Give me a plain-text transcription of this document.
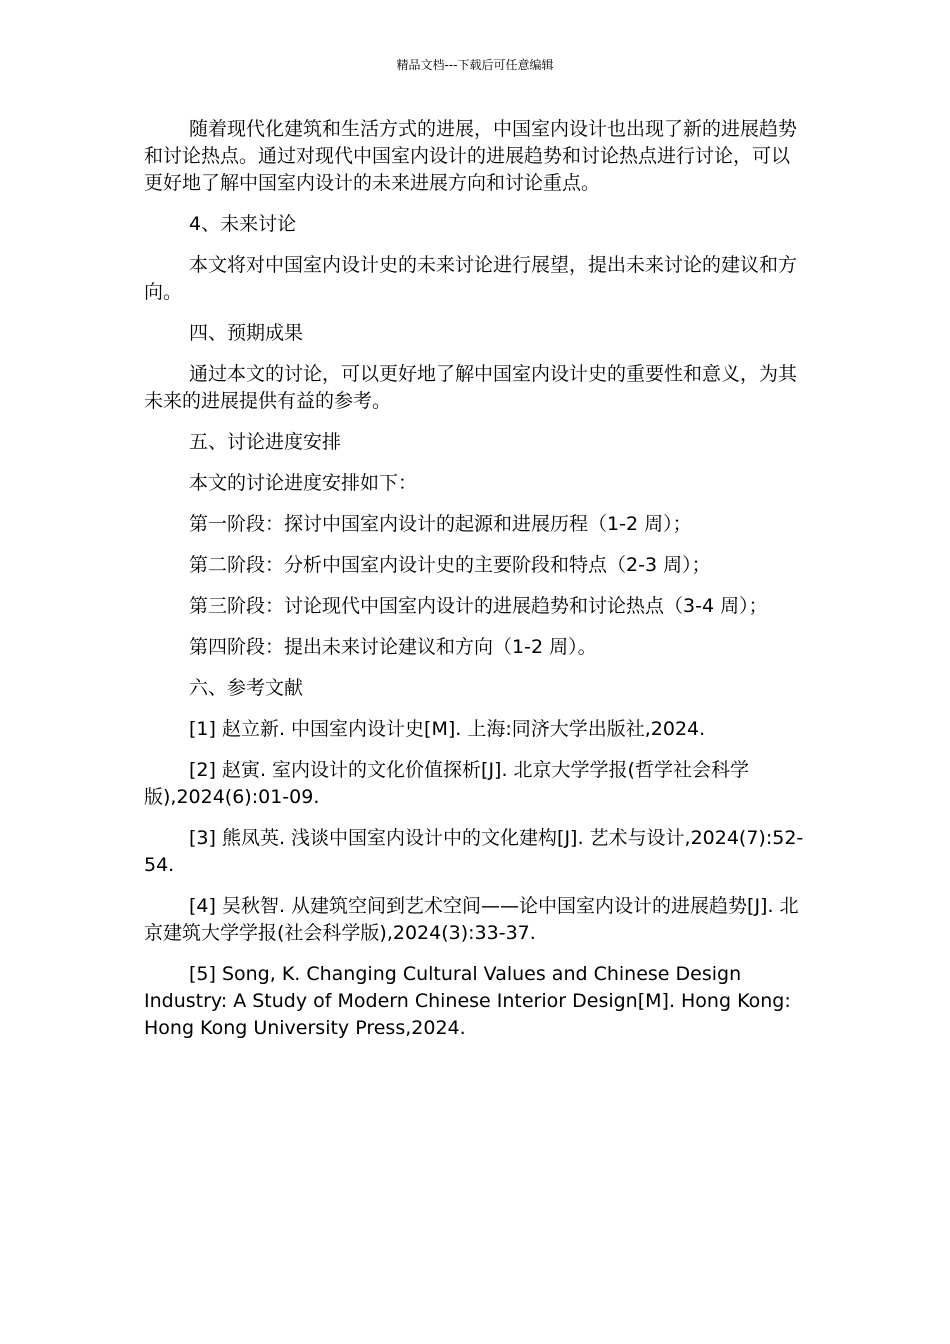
精品文档---下载后可任意编辑

随着现代化建筑和生活方式的进展，中国室内设计也出现了新的进展趋势和讨论热点。通过对现代中国室内设计的进展趋势和讨论热点进行讨论，可以更好地了解中国室内设计的未来进展方向和讨论重点。

4、未来讨论

本文将对中国室内设计史的未来讨论进行展望，提出未来讨论的建议和方向。

四、预期成果

通过本文的讨论，可以更好地了解中国室内设计史的重要性和意义，为其未来的进展提供有益的参考。

五、讨论进度安排

本文的讨论进度安排如下：

第一阶段：探讨中国室内设计的起源和进展历程（1-2 周）；

第二阶段：分析中国室内设计史的主要阶段和特点（2-3 周）；

第三阶段：讨论现代中国室内设计的进展趋势和讨论热点（3-4 周）；

第四阶段：提出未来讨论建议和方向（1-2 周）。

六、参考文献

[1] 赵立新. 中国室内设计史[M]. 上海:同济大学出版社,2024.

[2] 赵寅. 室内设计的文化价值探析[J]. 北京大学学报(哲学社会科学版),2024(6):01-09.

[3] 熊凤英. 浅谈中国室内设计中的文化建构[J]. 艺术与设计,2024(7):52-54.

[4] 吴秋智. 从建筑空间到艺术空间——论中国室内设计的进展趋势[J]. 北京建筑大学学报(社会科学版),2024(3):33-37.

[5] Song, K. Changing Cultural Values and Chinese Design Industry: A Study of Modern Chinese Interior Design[M]. Hong Kong: Hong Kong University Press,2024.
